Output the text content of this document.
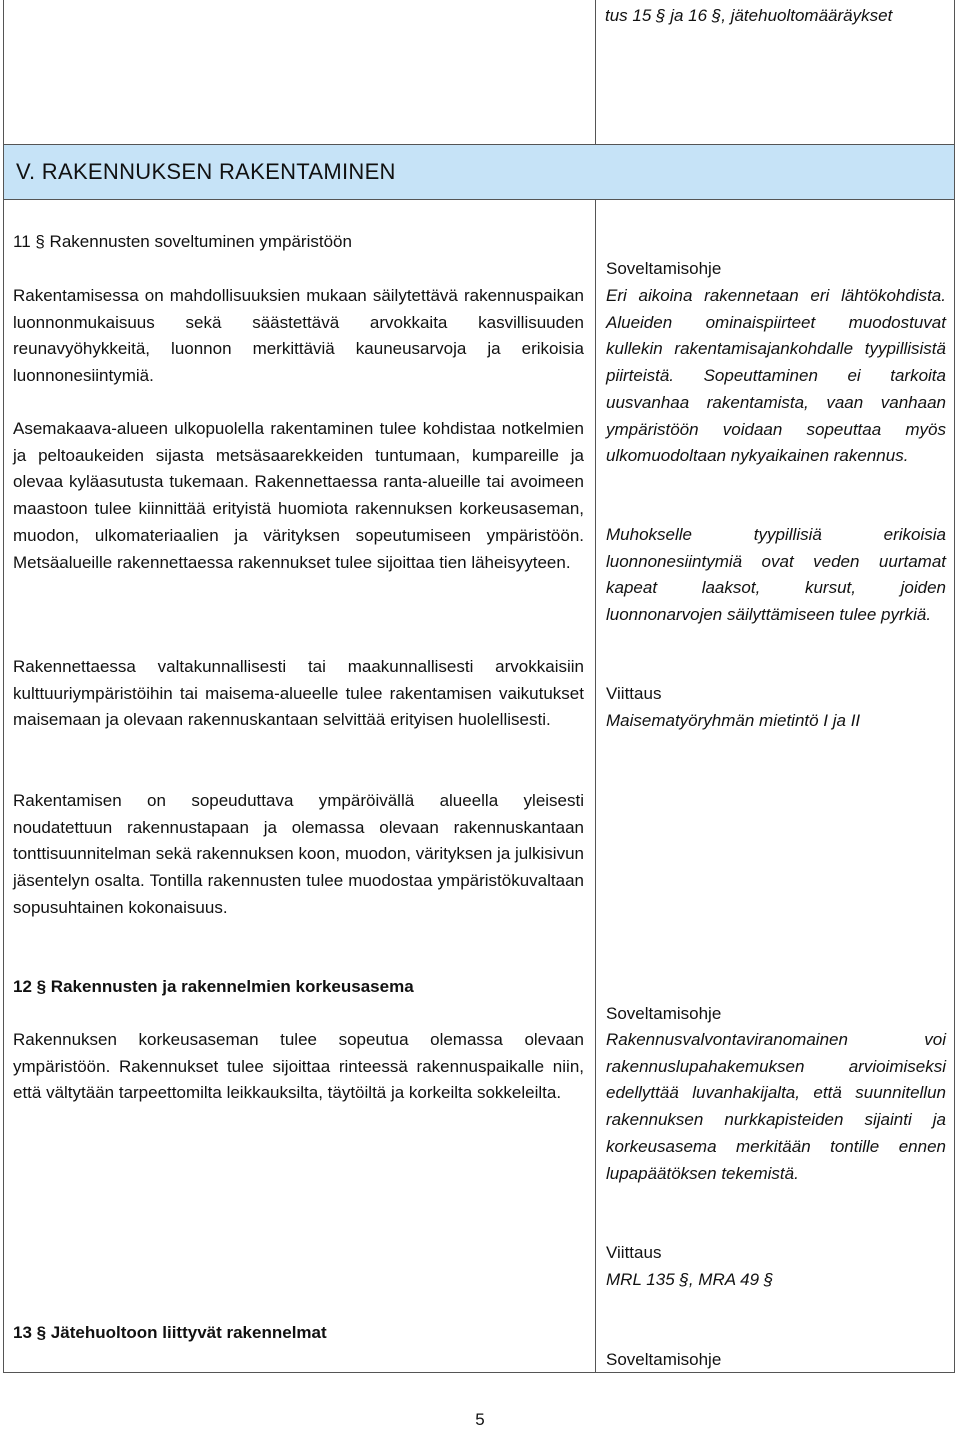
tus 15 § ja 16 §, jätehuoltomääräykset
V. RAKENNUKSEN RAKENTAMINEN

11 § Rakennusten soveltuminen ympäristöön

Rakentamisessa on mahdollisuuksien mukaan säilytettävä rakennuspaikan luonnonmukaisuus sekä säästettävä arvokkaita kasvillisuuden reunavyöhykkeitä, luonnon merkittäviä kauneusarvoja ja erikoisia luonnonesiintymiä.

Asemakaava-alueen ulkopuolella rakentaminen tulee kohdistaa notkelmien ja peltoaukeiden sijasta metsäsaarekkeiden tuntumaan, kumpareille ja olevaa kyläasutusta tukemaan. Rakennettaessa ranta-alueille tai avoimeen maastoon tulee kiinnittää erityistä huomiota rakennuksen korkeusaseman, muodon, ulkomateriaalien ja värityksen sopeutumiseen ympäristöön. Metsäalueille rakennettaessa rakennukset tulee sijoittaa tien läheisyyteen.

Rakennettaessa valtakunnallisesti tai maakunnallisesti arvokkaisiin kulttuuriympäristöihin tai maisema-alueelle tulee rakentamisen vaikutukset maisemaan ja olevaan rakennuskantaan selvittää erityisen huolellisesti.

Rakentamisen on sopeuduttava ympäröivällä alueella yleisesti noudatettuun rakennustapaan ja olemassa olevaan rakennuskantaan tonttisuunnitelman sekä rakennuksen koon, muodon, värityksen ja julkisivun jäsentelyn osalta. Tontilla rakennusten tulee muodostaa ympäristökuvaltaan sopusuhtainen kokonaisuus.

Soveltamisohje

Eri aikoina rakennetaan eri lähtökohdista. Alueiden ominaispiirteet muodostuvat kullekin rakentamisajankohdalle tyypillisistä piirteistä. Sopeuttaminen ei tarkoita uusvanhaa rakentamista, vaan vanhaan ympäristöön voidaan sopeuttaa myös ulkomuodoltaan nykyaikainen rakennus.

Muhokselle tyypillisiä erikoisia luonnonesiintymiä ovat veden uurtamat kapeat laaksot, kursut, joiden luonnonarvojen säilyttämiseen tulee pyrkiä.

Viittaus

Maisematyöryhmän mietintö I ja II

12 § Rakennusten ja rakennelmien korkeusasema

Rakennuksen korkeusaseman tulee sopeutua olemassa olevaan ympäristöön. Rakennukset tulee sijoittaa rinteessä rakennuspaikalle niin, että vältytään tarpeettomilta leikkauksilta, täytöiltä ja korkeilta sokkeleilta.

Soveltamisohje

Rakennusvalvontaviranomainen voi rakennuslupahakemuksen arvioimiseksi edellyttää luvanhakijalta, että suunnitellun rakennuksen nurkkapisteiden sijainti ja korkeusasema merkitään tontille ennen lupapäätöksen tekemistä.

Viittaus

MRL 135 §, MRA 49 §

13 § Jätehuoltoon liittyvät rakennelmat

Soveltamisohje

5
